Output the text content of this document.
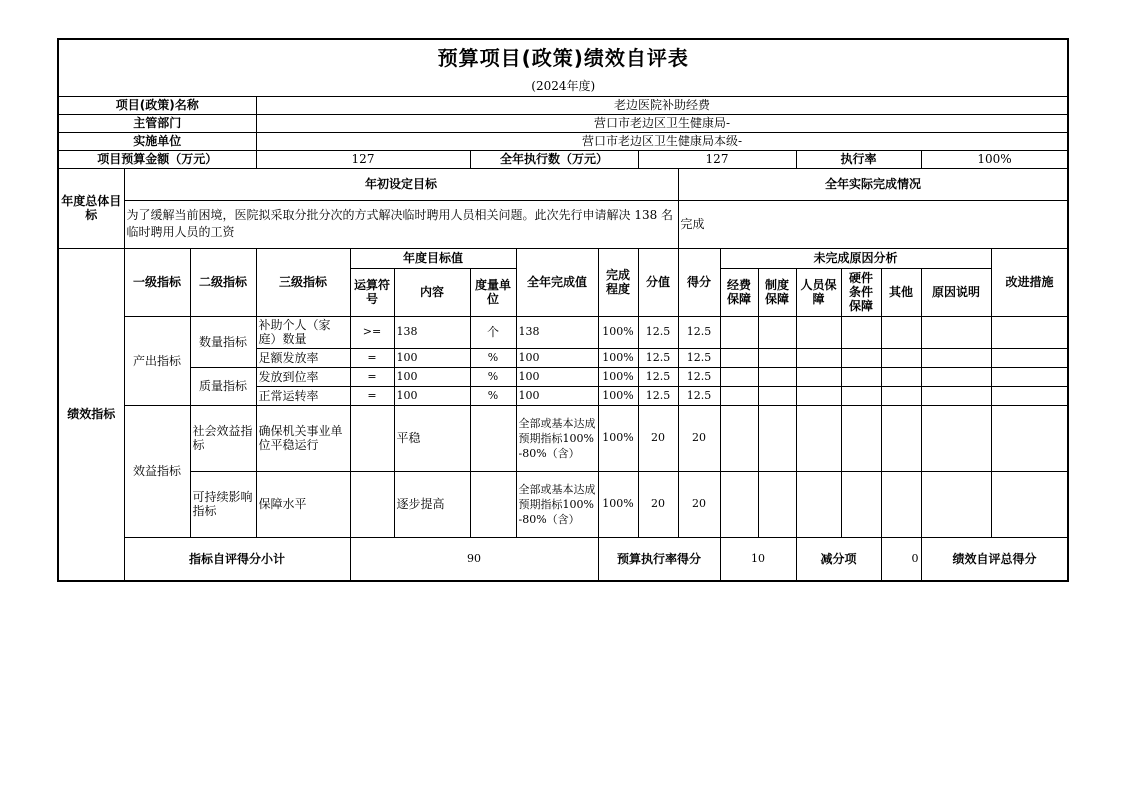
预算项目(政策)绩效自评表																		
(2024年度)																		
项目(政策)名称			老边医院补助经费															
主管部门			营口市老边区卫生健康局-															
实施单位			营口市老边区卫生健康局本级-															
项目预算金额（万元）			127			全年执行数（万元）			127				执行率			100%		
年度总体目标	年初设定目标									全年实际完成情况								
	为了缓解当前困境，医院拟采取分批分次的方式解决临时聘用人员相关问题。此次先行申请解决 138 名临时聘用人员的工资									完成								
绩效指标	一级指标	二级指标	三级指标	年度目标值			全年完成值	完成程度	分值	得分	未完成原因分析						改进措施	
				运算符号	内容	度量单位					经费保障	制度保障	人员保障	硬件条件保障	其他	原因说明		
	产出指标	数量指标	补助个人（家庭）数量	>=	138	个	138	100%	12.5	12.5								
			足额发放率	=	100	%	100	100%	12.5	12.5								
		质量指标	发放到位率	=	100	%	100	100%	12.5	12.5								
			正常运转率	=	100	%	100	100%	12.5	12.5								
	效益指标	社会效益指标	确保机关事业单位平稳运行		平稳		全部或基本达成预期指标100%-80%（含）	100%	20	20								
		可持续影响指标	保障水平		逐步提高		全部或基本达成预期指标100%-80%（含）	100%	20	20								
	指标自评得分小计			90				预算执行率得分			10		减分项		0	绩效自评总得分	
